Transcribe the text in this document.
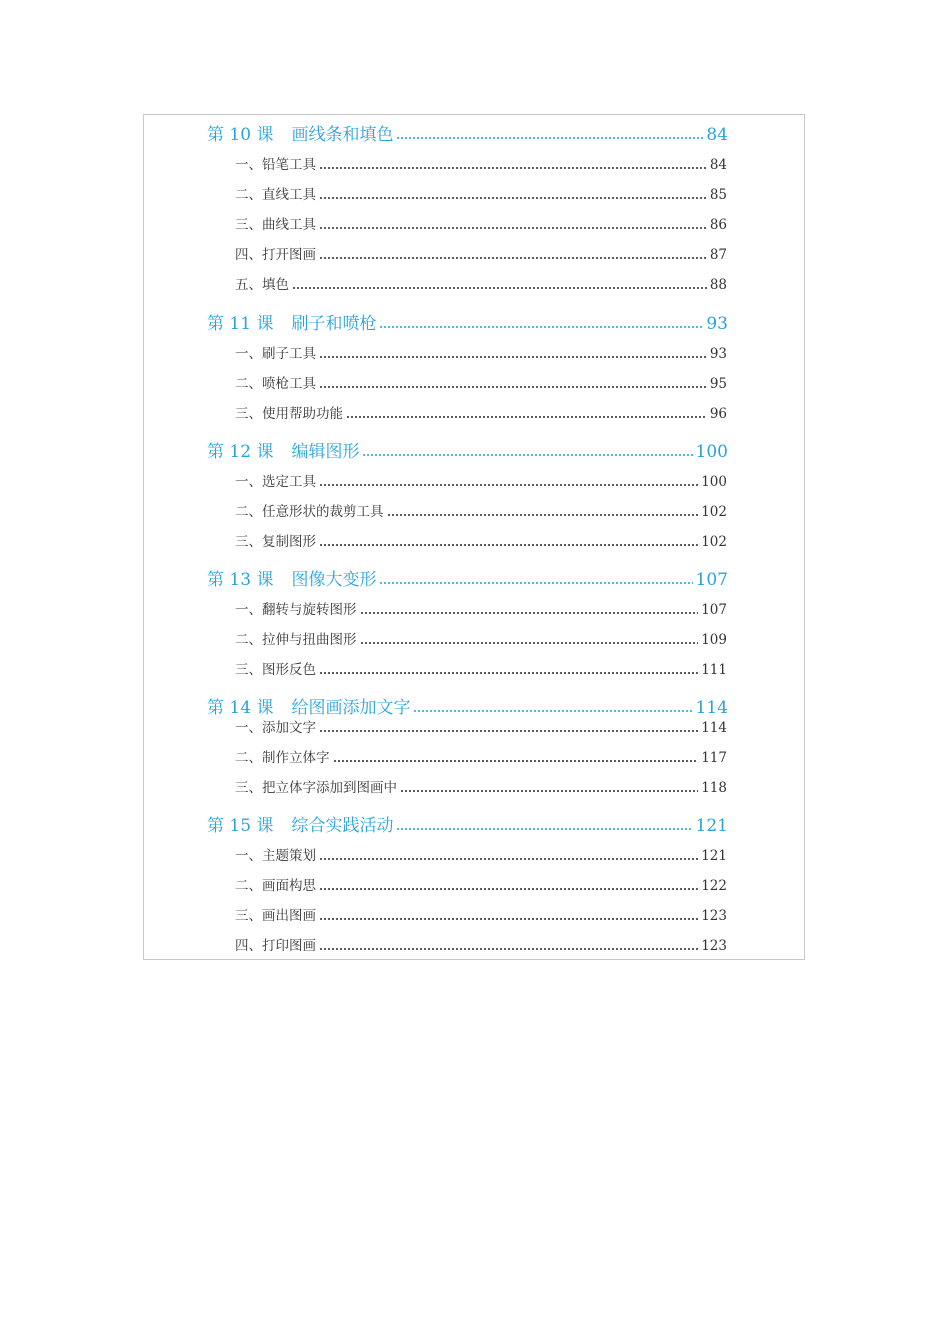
第 10 课 画线条和填色	84
一、铅笔工具	84
二、直线工具	85
三、曲线工具	86
四、打开图画	87
五、填色	88
第 11 课 刷子和喷枪	93
一、刷子工具	93
二、喷枪工具	95
三、使用帮助功能	96
第 12 课 编辑图形	100
一、选定工具	100
二、任意形状的裁剪工具	102
三、复制图形	102
第 13 课 图像大变形	107
一、翻转与旋转图形	107
二、拉伸与扭曲图形	109
三、图形反色	111
第 14 课 给图画添加文字	114
一、添加文字	114
二、制作立体字	117
三、把立体字添加到图画中	118
第 15 课 综合实践活动	121
一、主题策划	121
二、画面构思	122
三、画出图画	123
四、打印图画	123
